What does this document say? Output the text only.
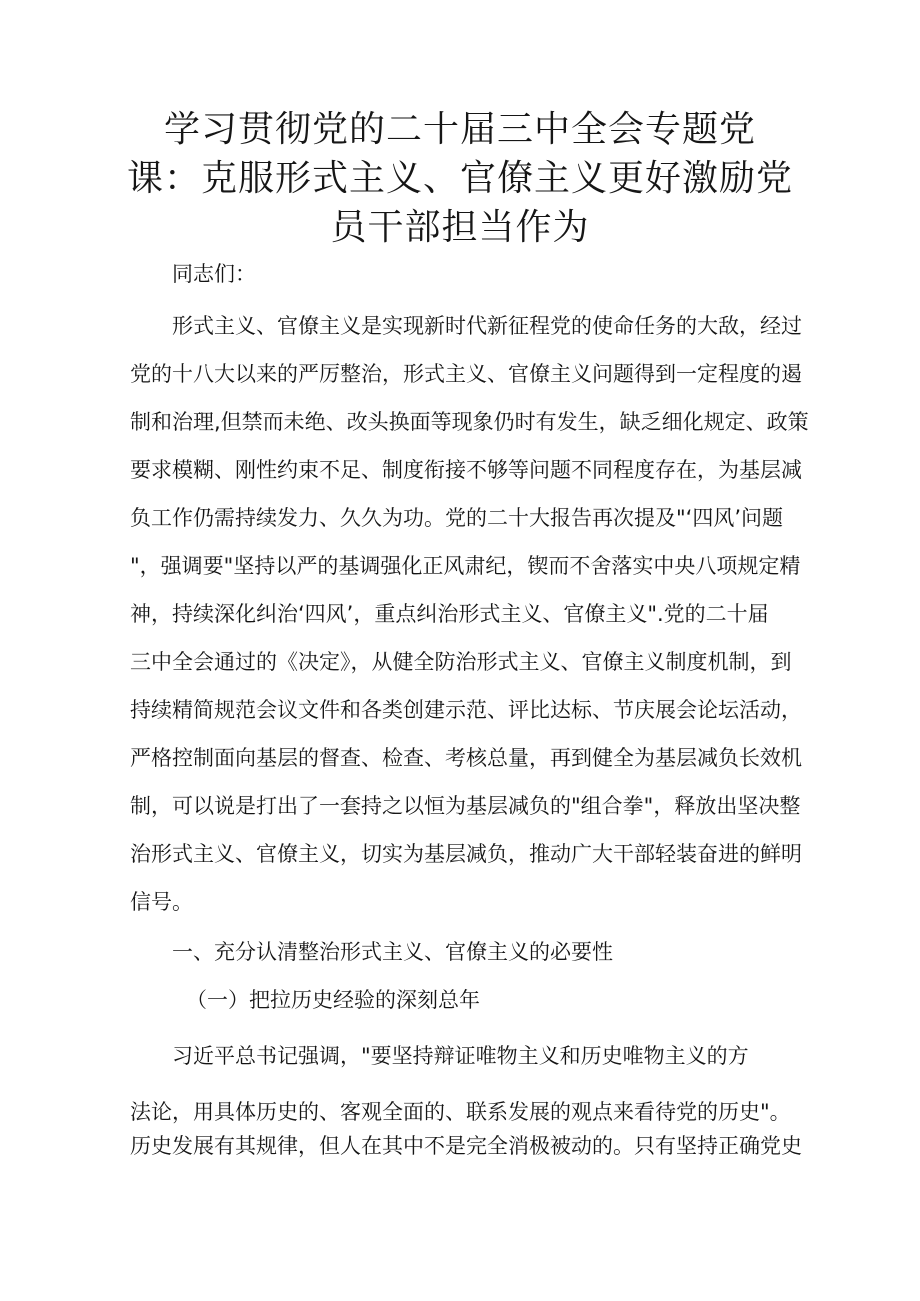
学习贯彻党的二十届三中全会专题党
课：克服形式主义、官僚主义更好激励党
员干部担当作为

同志们：

形式主义、官僚主义是实现新时代新征程党的使命任务的大敌，经过

党的十八大以来的严厉整治，形式主义、官僚主义问题得到一定程度的遏

制和治理,但禁而未绝、改头换面等现象仍时有发生，缺乏细化规定、政策

要求模糊、刚性约束不足、制度衔接不够等问题不同程度存在，为基层减

负工作仍需持续发力、久久为功。党的二十大报告再次提及"‘四风’问题

"，强调要"坚持以严的基调强化正风肃纪，锲而不舍落实中央八项规定精

神，持续深化纠治‘四风’，重点纠治形式主义、官僚主义".党的二十届

三中全会通过的《决定》，从健全防治形式主义、官僚主义制度机制，到

持续精简规范会议文件和各类创建示范、评比达标、节庆展会论坛活动，

严格控制面向基层的督查、检查、考核总量，再到健全为基层减负长效机

制，可以说是打出了一套持之以恒为基层减负的"组合拳"，释放出坚决整

治形式主义、官僚主义，切实为基层减负，推动广大干部轻装奋进的鲜明

信号。

一、充分认清整治形式主义、官僚主义的必要性

（一）把拉历史经验的深刻总年

习近平总书记强调，"要坚持辩证唯物主义和历史唯物主义的方

法论，用具体历史的、客观全面的、联系发展的观点来看待党的历史"。

历史发展有其规律，但人在其中不是完全消极被动的。只有坚持正确党史
